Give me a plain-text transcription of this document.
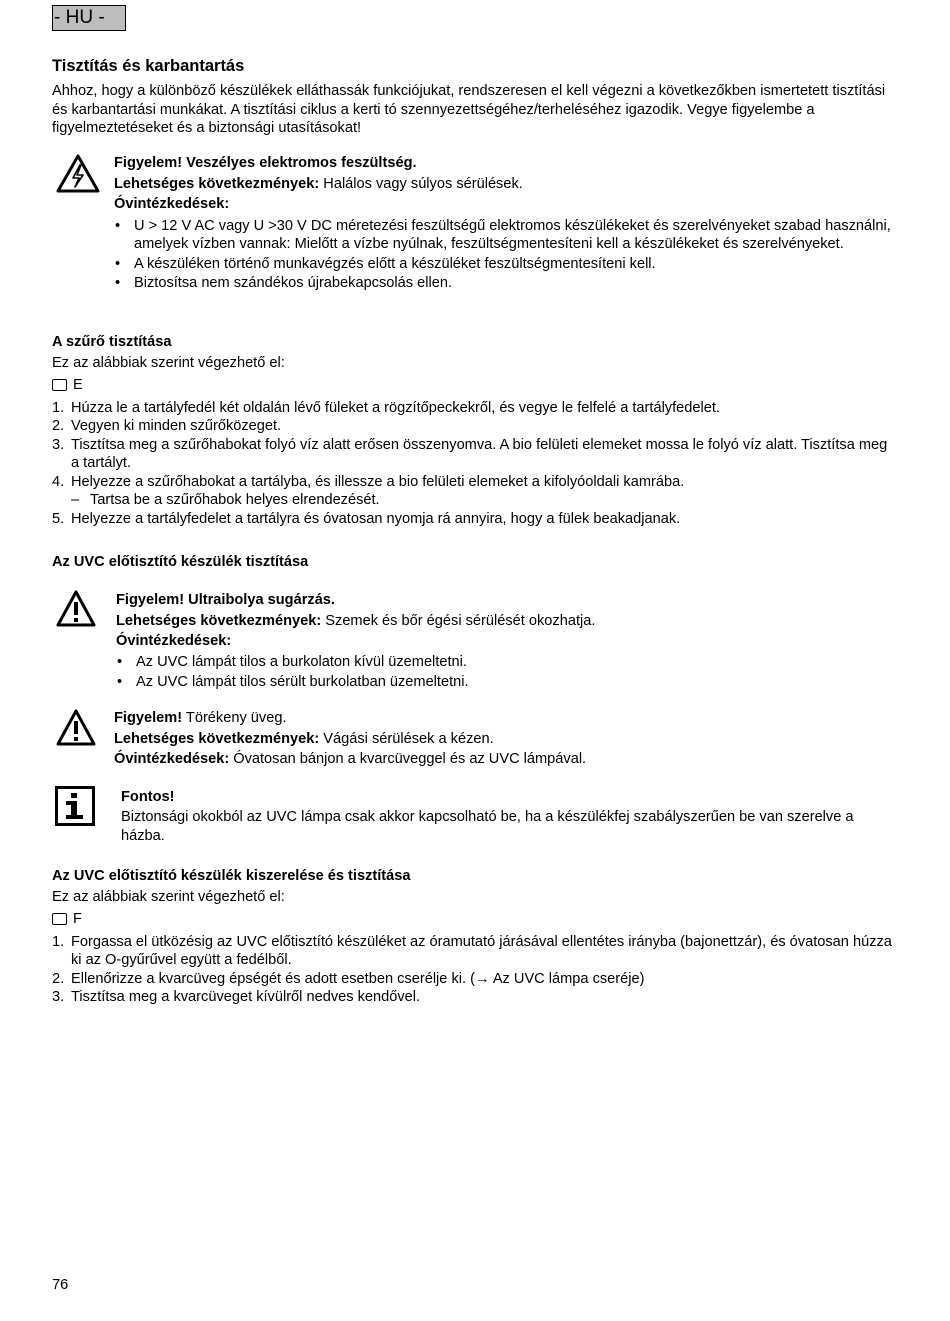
- HU -
Tisztítás és karbantartás

Ahhoz, hogy a különböző készülékek elláthassák funkciójukat, rendszeresen el kell végezni a következőkben ismertetett tisztítási és karbantartási munkákat. A tisztítási ciklus a kerti tó szennyezettségéhez/terheléséhez igazodik. Vegye figyelembe a figyelmeztetéseket és a biztonsági utasításokat!

Figyelem! Veszélyes elektromos feszültség.

Lehetséges következmények: Halálos vagy súlyos sérülések.

Óvintézkedések:

• U > 12 V AC vagy U >30 V DC méretezési feszültségű elektromos készülékeket és szerelvényeket szabad használni, amelyek vízben vannak: Mielőtt a vízbe nyúlnak, feszültségmentesíteni kell a készülékeket és szerelvényeket.
• A készüléken történő munkavégzés előtt a készüléket feszültségmentesíteni kell.
• Biztosítsa nem szándékos újrabekapcsolás ellen.

A szűrő tisztítása

Ez az alábbiak szerint végezhető el:

E
1. Húzza le a tartályfedél két oldalán lévő füleket a rögzítőpeckekről, és vegye le felfelé a tartályfedelet.
2. Vegyen ki minden szűrőközeget.
3. Tisztítsa meg a szűrőhabokat folyó víz alatt erősen összenyomva. A bio felületi elemeket mossa le folyó víz alatt. Tisztítsa meg a tartályt.
4. Helyezze a szűrőhabokat a tartályba, és illessze a bio felületi elemeket a kifolyóoldali kamrába.
– Tartsa be a szűrőhabok helyes elrendezését.
5. Helyezze a tartályfedelet a tartályra és óvatosan nyomja rá annyira, hogy a fülek beakadjanak.

Az UVC előtisztító készülék tisztítása

Figyelem! Ultraibolya sugárzás.

Lehetséges következmények: Szemek és bőr égési sérülését okozhatja.

Óvintézkedések:

• Az UVC lámpát tilos a burkolaton kívül üzemeltetni.
• Az UVC lámpát tilos sérült burkolatban üzemeltetni.

Figyelem! Törékeny üveg.

Lehetséges következmények: Vágási sérülések a kézen.

Óvintézkedések: Óvatosan bánjon a kvarcüveggel és az UVC lámpával.

Fontos!

Biztonsági okokból az UVC lámpa csak akkor kapcsolható be, ha a készülékfej szabályszerűen be van szerelve a házba.

Az UVC előtisztító készülék kiszerelése és tisztítása

Ez az alábbiak szerint végezhető el:

F
1. Forgassa el ütközésig az UVC előtisztító készüléket az óramutató járásával ellentétes irányba (bajonettzár), és óvatosan húzza ki az O-gyűrűvel együtt a fedélből.
2. Ellenőrizze a kvarcüveg épségét és adott esetben cserélje ki. (→ Az UVC lámpa cseréje)
3. Tisztítsa meg a kvarcüveget kívülről nedves kendővel.
76
